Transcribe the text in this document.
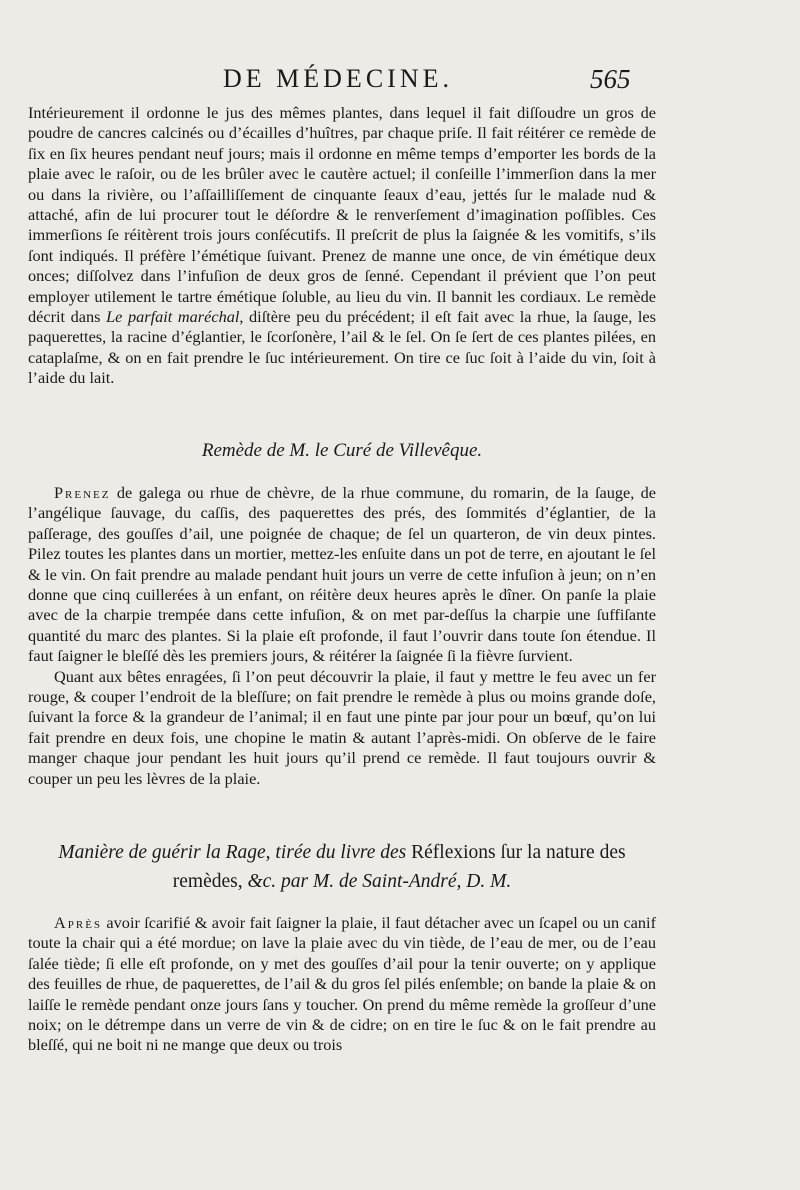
DE MÉDECINE.	565

Intérieurement il ordonne le jus des mêmes plantes, dans lequel il fait diſſoudre un gros de poudre de cancres calcinés ou d’écailles d’huîtres, par chaque priſe. Il fait réitérer ce remède de ſix en ſix heures pendant neuf jours; mais il ordonne en même temps d’emporter les bords de la plaie avec le raſoir, ou de les brûler avec le cautère actuel; il conſeille l’immerſion dans la mer ou dans la rivière, ou l’aſſailliſſement de cinquante ſeaux d’eau, jettés ſur le malade nud & attaché, afin de lui procurer tout le déſordre & le renverſement d’imagination poſſibles. Ces immerſions ſe réitèrent trois jours conſécutifs. Il preſcrit de plus la ſaignée & les vomitifs, s’ils ſont indiqués. Il préfère l’émétique ſuivant. Prenez de manne une once, de vin émétique deux onces; diſſolvez dans l’infuſion de deux gros de ſenné. Cependant il prévient que l’on peut employer utilement le tartre émétique ſoluble, au lieu du vin. Il bannit les cordiaux. Le remède décrit dans Le parfait maréchal, diſtère peu du précédent; il eſt fait avec la rhue, la ſauge, les paquerettes, la racine d’églantier, le ſcorſonère, l’ail & le ſel. On ſe ſert de ces plantes pilées, en cataplaſme, & on en fait prendre le ſuc intérieurement. On tire ce ſuc ſoit à l’aide du vin, ſoit à l’aide du lait.

Remède de M. le Curé de Villevêque.

Prenez de galega ou rhue de chèvre, de la rhue commune, du romarin, de la ſauge, de l’angélique ſauvage, du caſſis, des paquerettes des prés, des ſommités d’églantier, de la paſſerage, des gouſſes d’ail, une poignée de chaque; de ſel un quarteron, de vin deux pintes. Pilez toutes les plantes dans un mortier, mettez-les enſuite dans un pot de terre, en ajoutant le ſel & le vin. On fait prendre au malade pendant huit jours un verre de cette infuſion à jeun; on n’en donne que cinq cuillerées à un enfant, on réitère deux heures après le dîner. On panſe la plaie avec de la charpie trempée dans cette infuſion, & on met par-deſſus la charpie une ſuffiſante quantité du marc des plantes. Si la plaie eſt profonde, il faut l’ouvrir dans toute ſon étendue. Il faut ſaigner le bleſſé dès les premiers jours, & réitérer la ſaignée ſi la fièvre ſurvient.

Quant aux bêtes enragées, ſi l’on peut découvrir la plaie, il faut y mettre le feu avec un fer rouge, & couper l’endroit de la bleſſure; on fait prendre le remède à plus ou moins grande doſe, ſuivant la force & la grandeur de l’animal; il en faut une pinte par jour pour un bœuf, qu’on lui fait prendre en deux fois, une chopine le matin & autant l’après-midi. On obſerve de le faire manger chaque jour pendant les huit jours qu’il prend ce remède. Il faut toujours ouvrir & couper un peu les lèvres de la plaie.

Manière de guérir la Rage, tirée du livre des Réflexions ſur la nature des remèdes, &c. par M. de Saint-André, D. M.

Après avoir ſcarifié & avoir fait ſaigner la plaie, il faut détacher avec un ſcapel ou un canif toute la chair qui a été mordue; on lave la plaie avec du vin tiède, de l’eau de mer, ou de l’eau ſalée tiède; ſi elle eſt profonde, on y met des gouſſes d’ail pour la tenir ouverte; on y applique des feuilles de rhue, de paquerettes, de l’ail & du gros ſel pilés enſemble; on bande la plaie & on laiſſe le remède pendant onze jours ſans y toucher. On prend du même remède la groſſeur d’une noix; on le détrempe dans un verre de vin & de cidre; on en tire le ſuc & on le fait prendre au bleſſé, qui ne boit ni ne mange que deux ou trois
